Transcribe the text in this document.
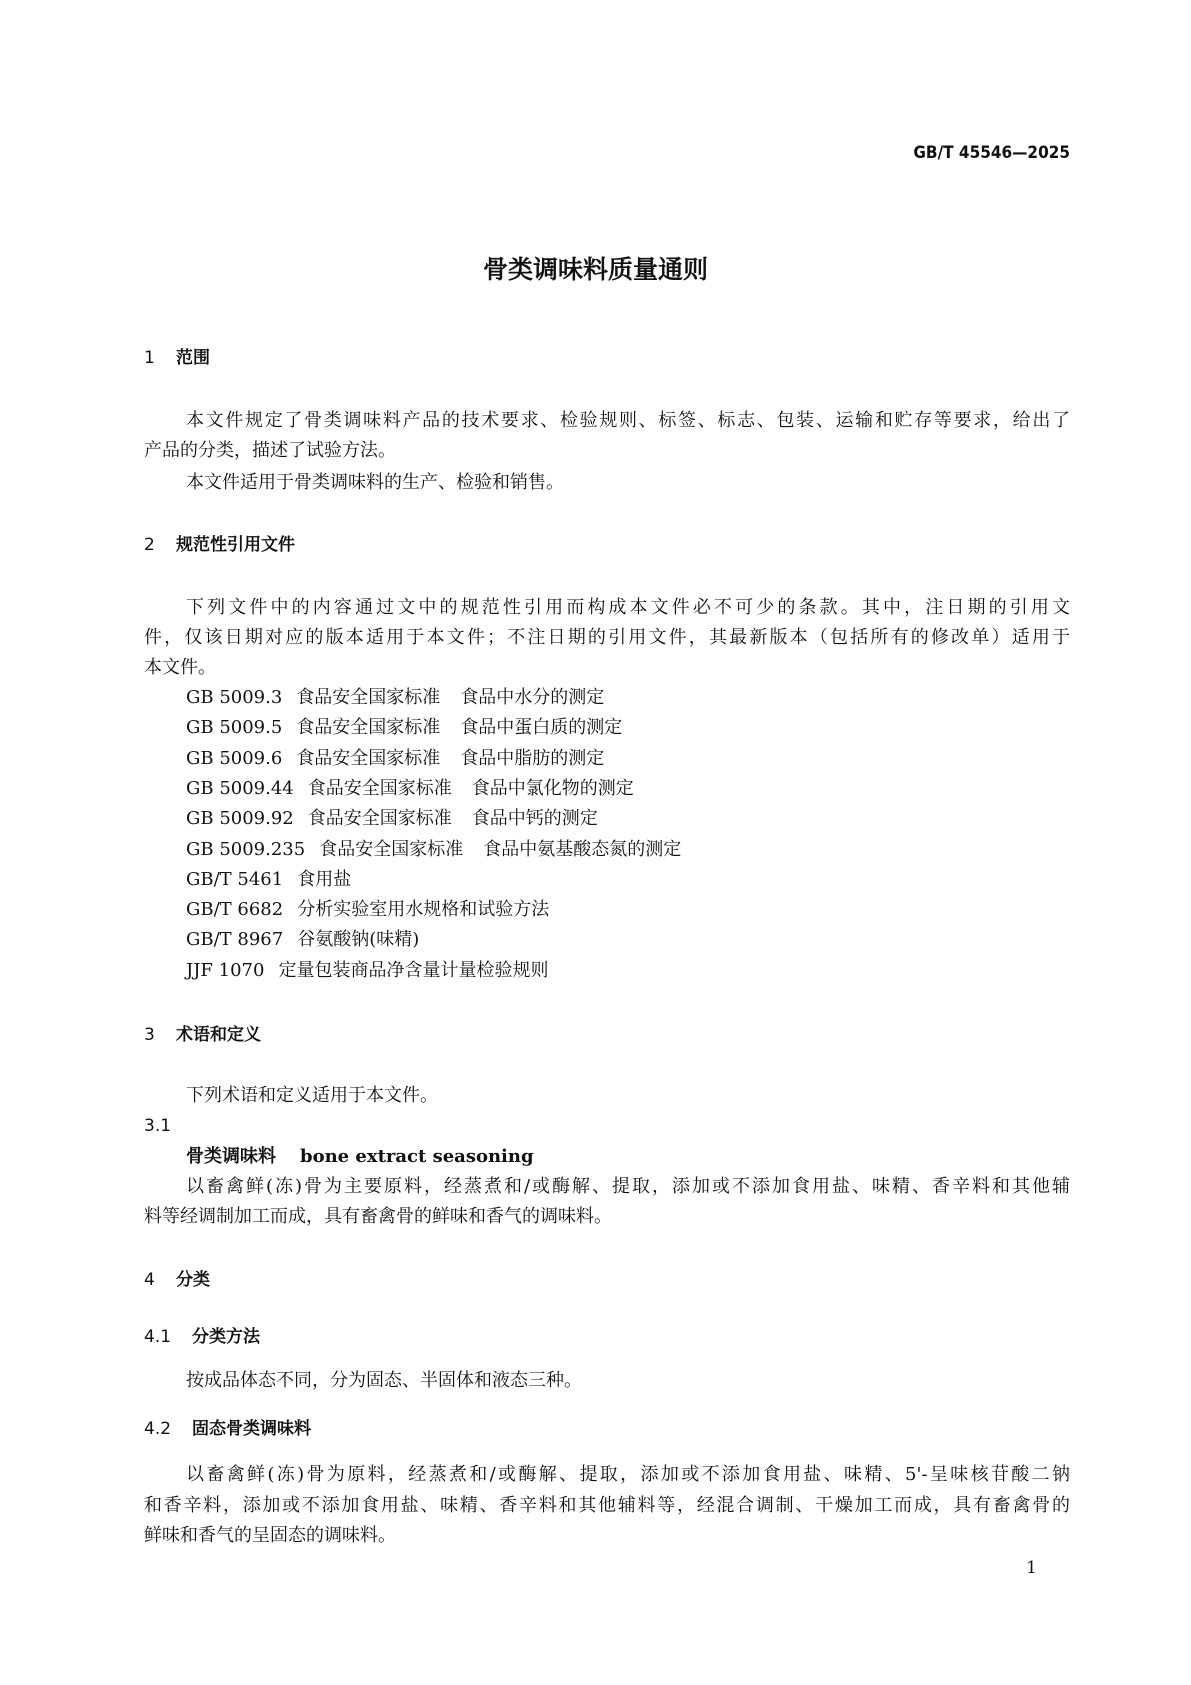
GB/T 45546—2025
骨类调味料质量通则
1 范围
本文件规定了骨类调味料产品的技术要求、检验规则、标签、标志、包装、运输和贮存等要求，给出了
产品的分类，描述了试验方法。
本文件适用于骨类调味料的生产、检验和销售。
2 规范性引用文件
下列文件中的内容通过文中的规范性引用而构成本文件必不可少的条款。其中，注日期的引用文
件，仅该日期对应的版本适用于本文件；不注日期的引用文件，其最新版本（包括所有的修改单）适用于
本文件。
GB 5009.3 食品安全国家标准 食品中水分的测定
GB 5009.5 食品安全国家标准 食品中蛋白质的测定
GB 5009.6 食品安全国家标准 食品中脂肪的测定
GB 5009.44 食品安全国家标准 食品中氯化物的测定
GB 5009.92 食品安全国家标准 食品中钙的测定
GB 5009.235 食品安全国家标准 食品中氨基酸态氮的测定
GB/T 5461 食用盐
GB/T 6682 分析实验室用水规格和试验方法
GB/T 8967 谷氨酸钠(味精)
JJF 1070 定量包装商品净含量计量检验规则
3 术语和定义
下列术语和定义适用于本文件。
3.1
骨类调味料 bone extract seasoning
以畜禽鲜(冻)骨为主要原料，经蒸煮和/或酶解、提取，添加或不添加食用盐、味精、香辛料和其他辅
料等经调制加工而成，具有畜禽骨的鲜味和香气的调味料。
4 分类
4.1 分类方法
按成品体态不同，分为固态、半固体和液态三种。
4.2 固态骨类调味料
以畜禽鲜(冻)骨为原料，经蒸煮和/或酶解、提取，添加或不添加食用盐、味精、5'-呈味核苷酸二钠
和香辛料，添加或不添加食用盐、味精、香辛料和其他辅料等，经混合调制、干燥加工而成，具有畜禽骨的
鲜味和香气的呈固态的调味料。
1
